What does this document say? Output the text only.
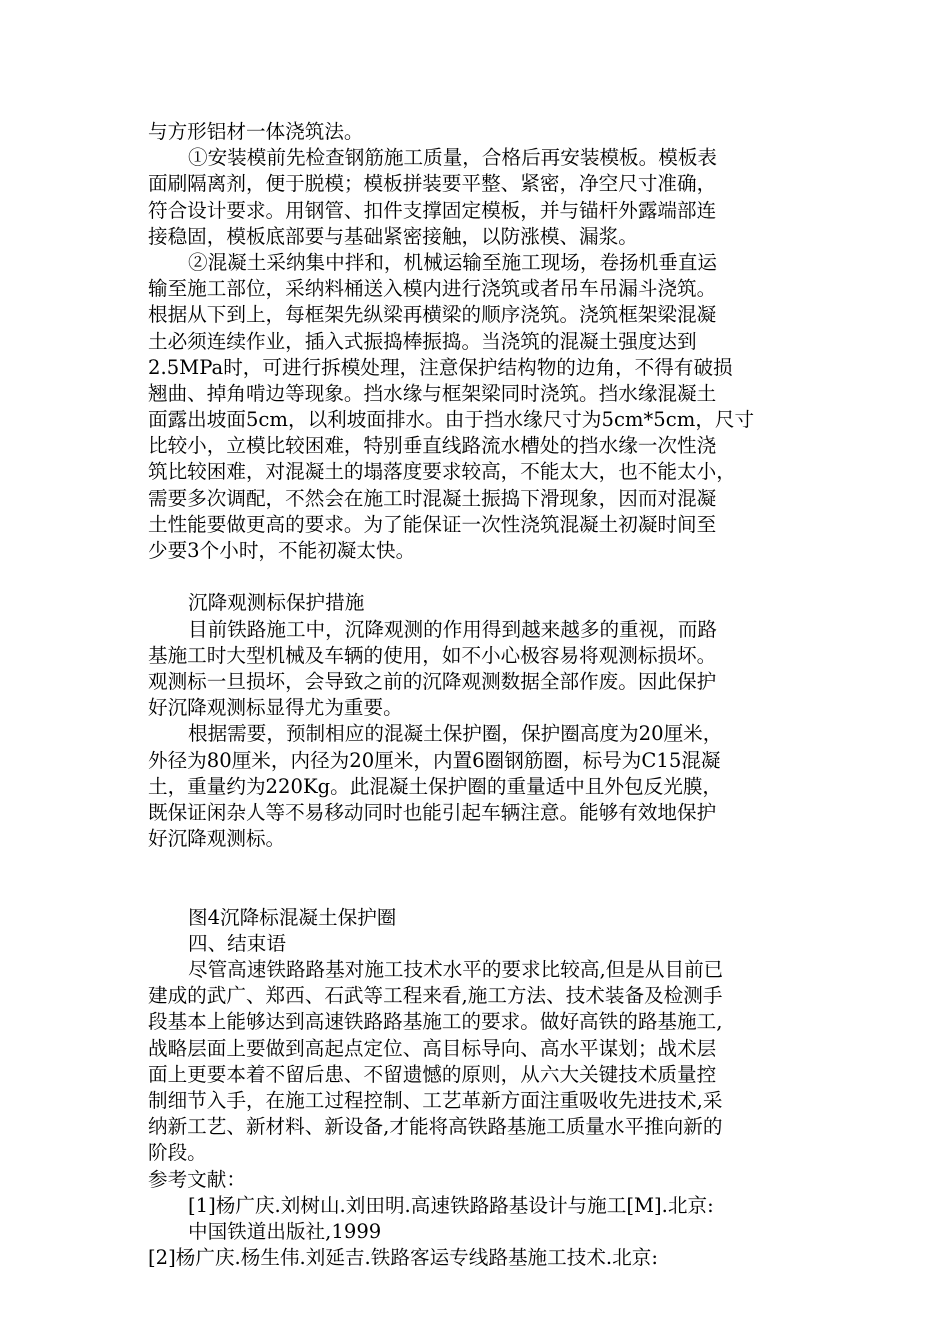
与方形铝材一体浇筑法。
①安装模前先检查钢筋施工质量，合格后再安装模板。模板表
面刷隔离剂，便于脱模；模板拼装要平整、紧密，净空尺寸准确，
符合设计要求。用钢管、扣件支撑固定模板，并与锚杆外露端部连
接稳固，模板底部要与基础紧密接触，以防涨模、漏浆。
②混凝土采纳集中拌和，机械运输至施工现场，卷扬机垂直运
输至施工部位，采纳料桶送入模内进行浇筑或者吊车吊漏斗浇筑。
根据从下到上，每框架先纵梁再横梁的顺序浇筑。浇筑框架梁混凝
土必须连续作业，插入式振捣棒振捣。当浇筑的混凝土强度达到
2.5MPa时，可进行拆模处理，注意保护结构物的边角，不得有破损
翘曲、掉角啃边等现象。挡水缘与框架梁同时浇筑。挡水缘混凝土
面露出坡面5cm，以利坡面排水。由于挡水缘尺寸为5cm*5cm，尺寸
比较小，立模比较困难，特别垂直线路流水槽处的挡水缘一次性浇
筑比较困难，对混凝土的塌落度要求较高，不能太大，也不能太小，
需要多次调配，不然会在施工时混凝土振捣下滑现象，因而对混凝
土性能要做更高的要求。为了能保证一次性浇筑混凝土初凝时间至
少要3个小时，不能初凝太快。
沉降观测标保护措施
目前铁路施工中，沉降观测的作用得到越来越多的重视，而路
基施工时大型机械及车辆的使用，如不小心极容易将观测标损坏。
观测标一旦损坏，会导致之前的沉降观测数据全部作废。因此保护
好沉降观测标显得尤为重要。
根据需要，预制相应的混凝土保护圈，保护圈高度为20厘米，
外径为80厘米，内径为20厘米，内置6圈钢筋圈，标号为C15混凝
土，重量约为220Kg。此混凝土保护圈的重量适中且外包反光膜，
既保证闲杂人等不易移动同时也能引起车辆注意。能够有效地保护
好沉降观测标。
图4沉降标混凝土保护圈
四、结束语
尽管高速铁路路基对施工技术水平的要求比较高,但是从目前已
建成的武广、郑西、石武等工程来看,施工方法、技术装备及检测手
段基本上能够达到高速铁路路基施工的要求。做好高铁的路基施工,
战略层面上要做到高起点定位、高目标导向、高水平谋划；战术层
面上更要本着不留后患、不留遗憾的原则，从六大关键技术质量控
制细节入手，在施工过程控制、工艺革新方面注重吸收先进技术,采
纳新工艺、新材料、新设备,才能将高铁路基施工质量水平推向新的
阶段。
参考文献：
[1]杨广庆.刘树山.刘田明.高速铁路路基设计与施工[M].北京:
中国铁道出版社,1999
[2]杨广庆.杨生伟.刘延吉.铁路客运专线路基施工技术.北京:
